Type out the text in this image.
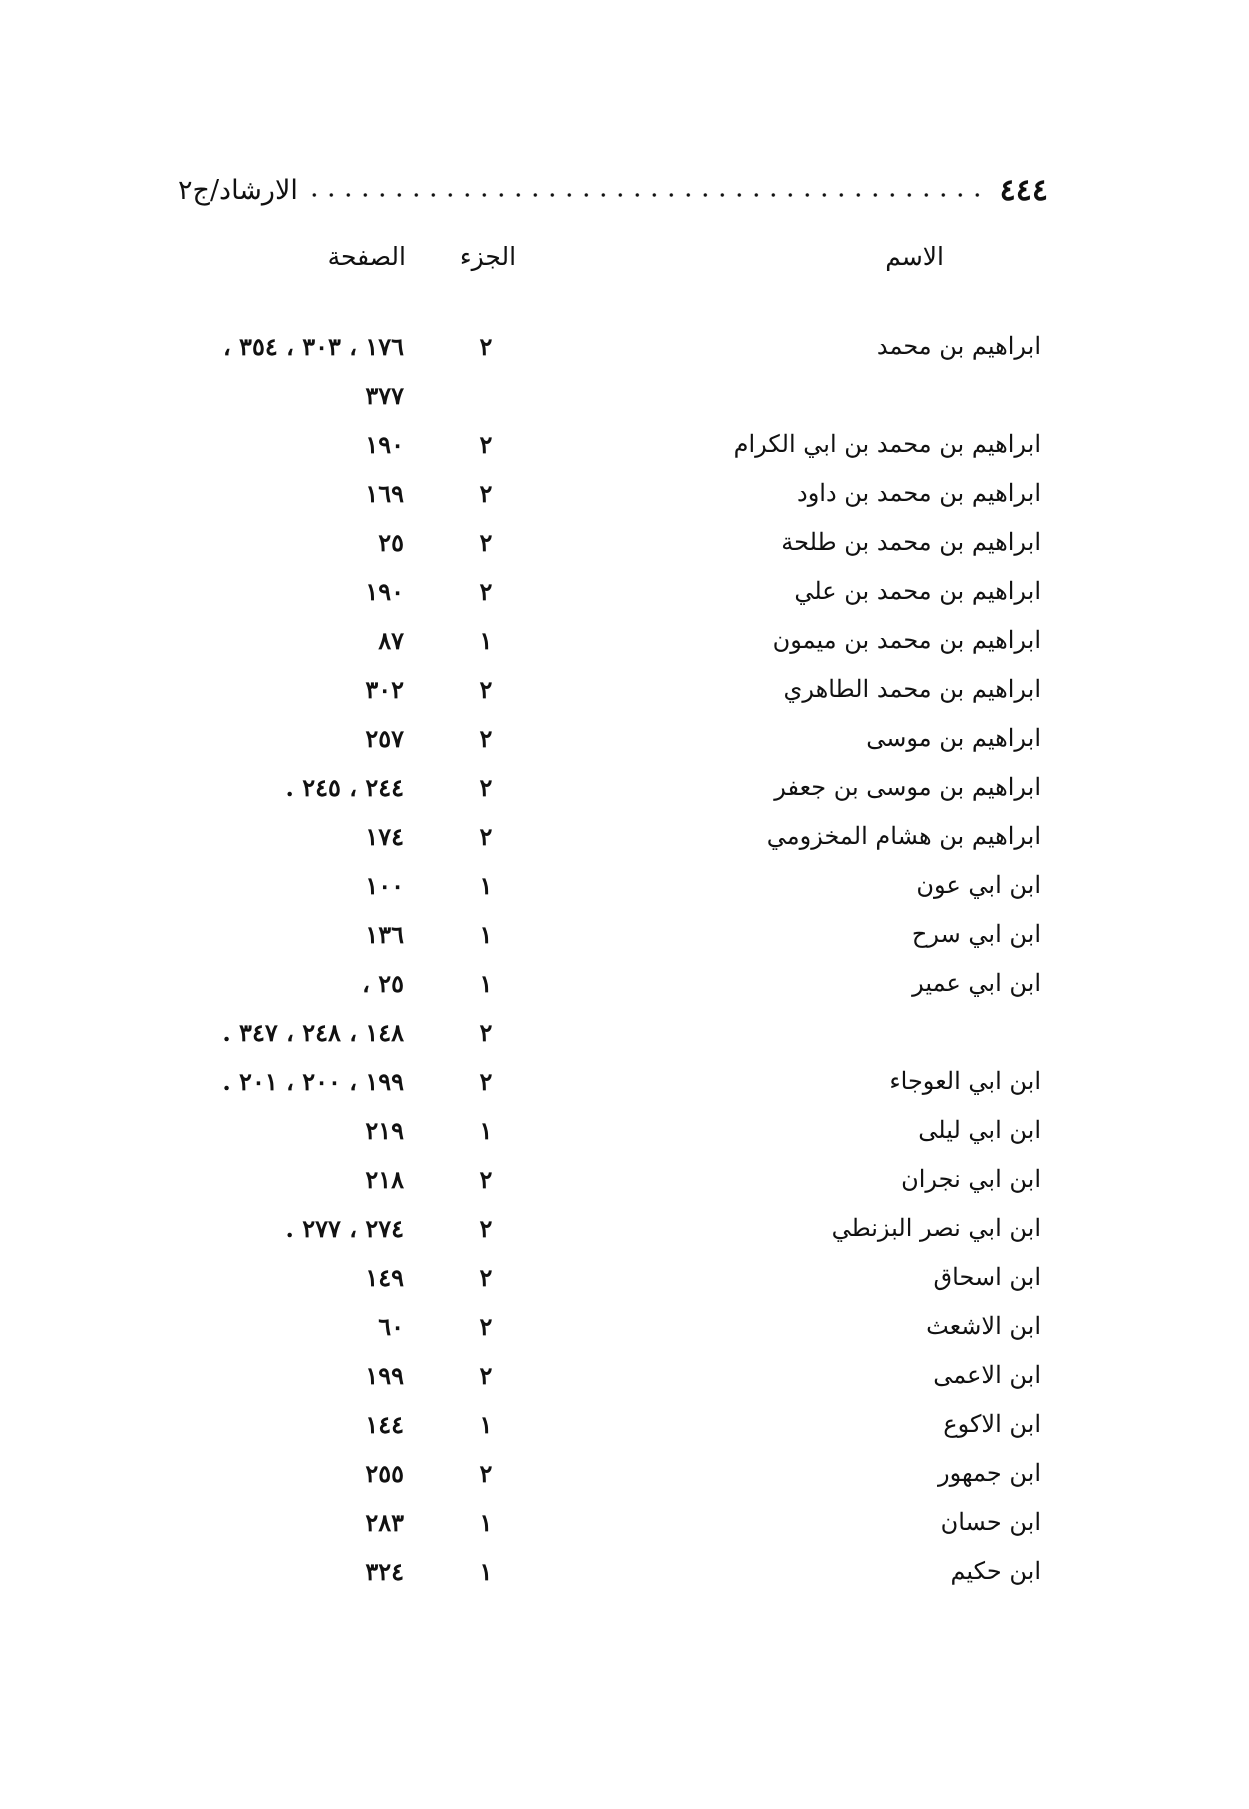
٤٤٤
الارشاد/ج٢
الاسم
الجزء
الصفحة
ابراهيم بن محمد
٢
١٧٦ ، ٣٠٣ ، ٣٥٤ ،
٣٧٧
ابراهيم بن محمد بن ابي الكرام
٢
١٩٠
ابراهيم بن محمد بن داود
٢
١٦٩
ابراهيم بن محمد بن طلحة
٢
٢٥
ابراهيم بن محمد بن علي
٢
١٩٠
ابراهيم بن محمد بن ميمون
١
٨٧
ابراهيم بن محمد الطاهري
٢
٣٠٢
ابراهيم بن موسى
٢
٢٥٧
ابراهيم بن موسى بن جعفر
٢
٢٤٤ ، ٢٤٥ .
ابراهيم بن هشام المخزومي
٢
١٧٤
ابن ابي عون
١
١٠٠
ابن ابي سرح
١
١٣٦
ابن ابي عمير
١
٢٥ ،
٢
١٤٨ ، ٢٤٨ ، ٣٤٧ .
ابن ابي العوجاء
٢
١٩٩ ، ٢٠٠ ، ٢٠١ .
ابن ابي ليلى
١
٢١٩
ابن ابي نجران
٢
٢١٨
ابن ابي نصر البزنطي
٢
٢٧٤ ، ٢٧٧ .
ابن اسحاق
٢
١٤٩
ابن الاشعث
٢
٦٠
ابن الاعمى
٢
١٩٩
ابن الاكوع
١
١٤٤
ابن جمهور
٢
٢٥٥
ابن حسان
١
٢٨٣
ابن حكيم
١
٣٢٤
